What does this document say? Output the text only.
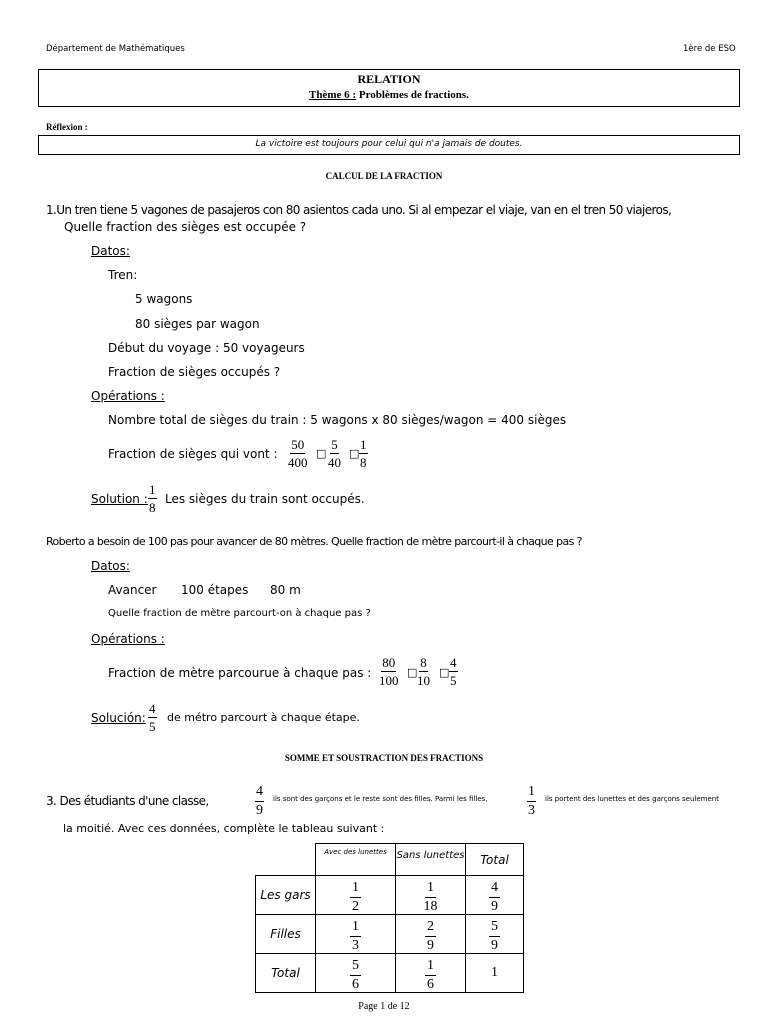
Département de Mathématiques	1ère de ESO
RELATION
Thème 6 : Problèmes de fractions.
Réflexion :
La victoire est toujours pour celui qui n'a jamais de doutes.
CALCUL DE LA FRACTION
1.Un tren tiene 5 vagones de pasajeros con 80 asientos cada uno. Si al empezar el viaje, van en el tren 50 viajeros,
Quelle fraction des sièges est occupée ?
Datos:
Tren:
5 wagons
80 sièges par wagon
Début du voyage : 50 voyageurs
Fraction de sièges occupés ?
Opérations :
Nombre total de sièges du train : 5 wagons x 80 sièges/wagon = 400 sièges
Fraction de sièges qui vont : $\frac{50}{400}$ □ $\frac{5}{40}$ □ $\frac{1}{8}$
Solution : $\frac{1}{8}$ Les sièges du train sont occupés.
Roberto a besoin de 100 pas pour avancer de 80 mètres. Quelle fraction de mètre parcourt-il à chaque pas ?
Datos:
Avancer 100 étapes 80 m
Quelle fraction de mètre parcourt-on à chaque pas ?
Opérations :
Fraction de mètre parcourue à chaque pas : $\frac{80}{100}$ □
$\frac{8}{10}$ □ $\frac{4}{5}$
Solución: $\frac{4}{5}$ de métro parcourt à chaque étape.
SOMME ET SOUSTRACTION DES FRACTIONS
3. Des étudiants d'une classe,	$\frac{4}{9}$ ils sont des garçons et le reste sont des filles. Parmi les filles,	$\frac{1}{3}$ ils portent des lunettes et des garçons seulement
la moitié. Avec ces données, complète le tableau suivant :
	Avec des lunettes	Sans lunettes	Total
Les gars	$\frac{1}{2}$	$\frac{1}{18}$	$\frac{4}{9}$

Filles	$\frac{1}{3}$	$\frac{2}{9}$	$\frac{5}{9}$

Total	$\frac{5}{6}$	$\frac{1}{6}$	1
Page 1 de 12
